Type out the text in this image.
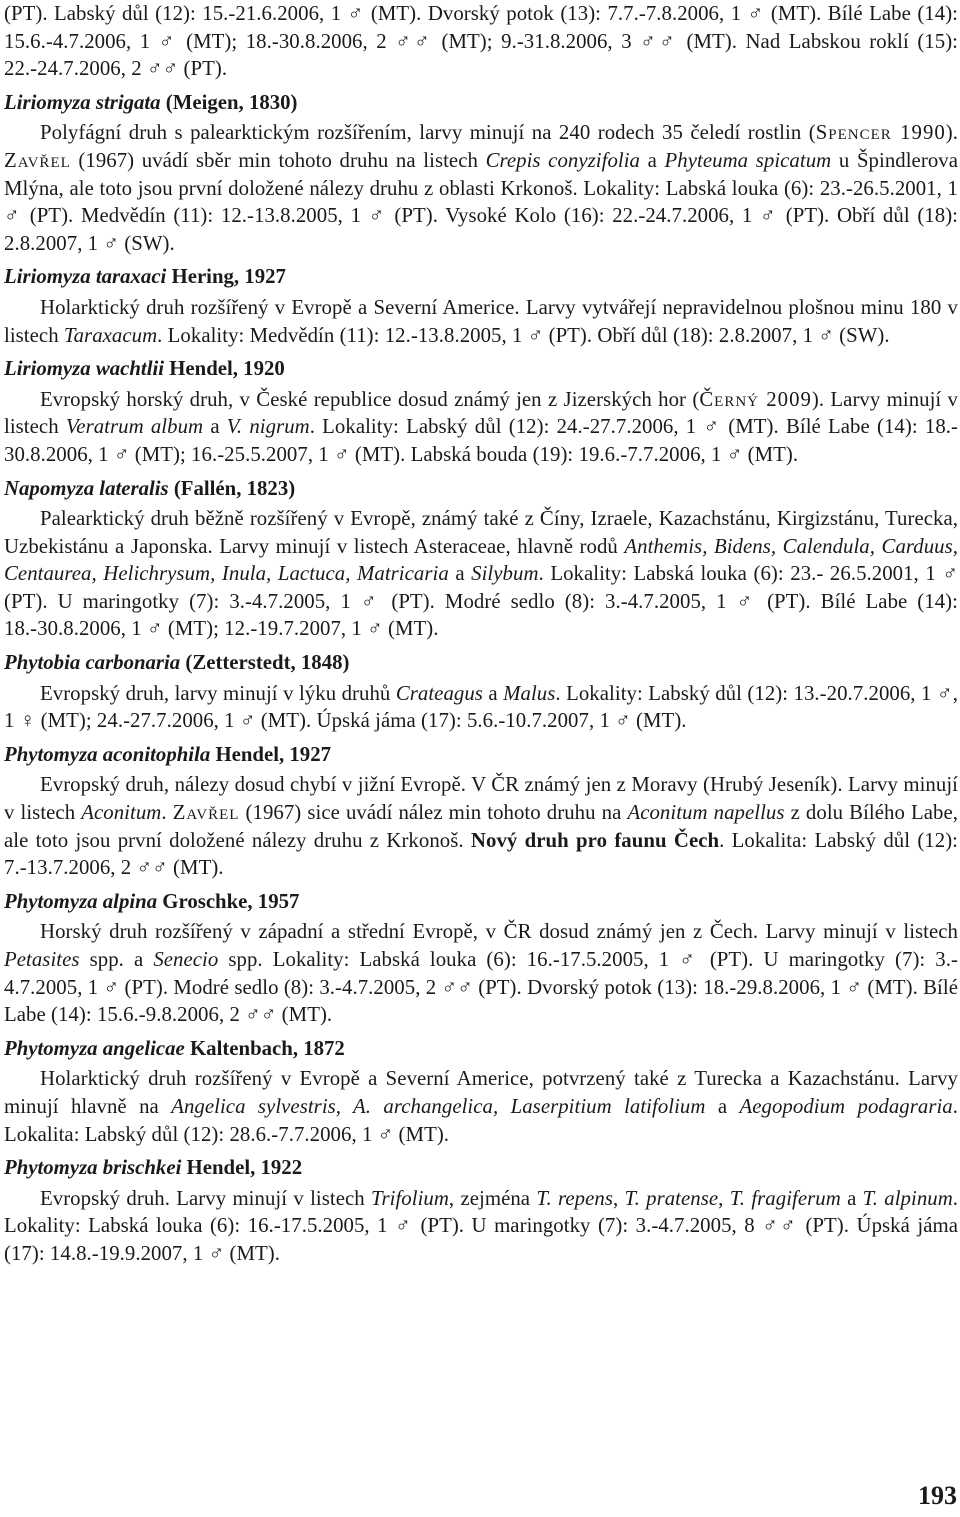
(PT). Labský důl (12): 15.-21.6.2006, 1 ♂ (MT). Dvorský potok (13): 7.7.-7.8.2006, 1 ♂ (MT). Bílé Labe (14): 15.6.-4.7.2006, 1 ♂ (MT); 18.-30.8.2006, 2 ♂♂ (MT); 9.-31.8.2006, 3 ♂♂ (MT). Nad Labskou roklí (15): 22.-24.7.2006, 2 ♂♂ (PT).

Liriomyza strigata (Meigen, 1830)

Polyfágní druh s palearktickým rozšířením, larvy minují na 240 rodech 35 čeledí rostlin (Spencer 1990). Zavřel (1967) uvádí sběr min tohoto druhu na listech Crepis conyzifolia a Phyteuma spicatum u Špindlerova Mlýna, ale toto jsou první doložené nálezy druhu z oblasti Krkonoš. Lokality: Labská louka (6): 23.-26.5.2001, 1 ♂ (PT). Medvědín (11): 12.-13.8.2005, 1 ♂ (PT). Vysoké Kolo (16): 22.-24.7.2006, 1 ♂ (PT). Obří důl (18): 2.8.2007, 1 ♂ (SW).

Liriomyza taraxaci Hering, 1927

Holarktický druh rozšířený v Evropě a Severní Americe. Larvy vytvářejí nepravidelnou plošnou minu 180 v listech Taraxacum. Lokality: Medvědín (11): 12.-13.8.2005, 1 ♂ (PT). Obří důl (18): 2.8.2007, 1 ♂ (SW).

Liriomyza wachtlii Hendel, 1920

Evropský horský druh, v České republice dosud známý jen z Jizerských hor (Černý 2009). Larvy minují v listech Veratrum album a V. nigrum. Lokality: Labský důl (12): 24.-27.7.2006, 1 ♂ (MT). Bílé Labe (14): 18.- 30.8.2006, 1 ♂ (MT); 16.-25.5.2007, 1 ♂ (MT). Labská bouda (19): 19.6.-7.7.2006, 1 ♂ (MT).

Napomyza lateralis (Fallén, 1823)

Palearktický druh běžně rozšířený v Evropě, známý také z Číny, Izraele, Kazachstánu, Kirgizstánu, Turecka, Uzbekistánu a Japonska. Larvy minují v listech Asteraceae, hlavně rodů Anthemis, Bidens, Calendula, Carduus, Centaurea, Helichrysum, Inula, Lactuca, Matricaria a Silybum. Lokality: Labská louka (6): 23.- 26.5.2001, 1 ♂ (PT). U maringotky (7): 3.-4.7.2005, 1 ♂ (PT). Modré sedlo (8): 3.-4.7.2005, 1 ♂ (PT). Bílé Labe (14): 18.-30.8.2006, 1 ♂ (MT); 12.-19.7.2007, 1 ♂ (MT).

Phytobia carbonaria (Zetterstedt, 1848)

Evropský druh, larvy minují v lýku druhů Crateagus a Malus. Lokality: Labský důl (12): 13.-20.7.2006, 1 ♂, 1 ♀ (MT); 24.-27.7.2006, 1 ♂ (MT). Úpská jáma (17): 5.6.-10.7.2007, 1 ♂ (MT).

Phytomyza aconitophila Hendel, 1927

Evropský druh, nálezy dosud chybí v jižní Evropě. V ČR známý jen z Moravy (Hrubý Jeseník). Larvy minují v listech Aconitum. Zavřel (1967) sice uvádí nález min tohoto druhu na Aconitum napellus z dolu Bílého Labe, ale toto jsou první doložené nálezy druhu z Krkonoš. Nový druh pro faunu Čech. Lokalita: Labský důl (12): 7.-13.7.2006, 2 ♂♂ (MT).

Phytomyza alpina Groschke, 1957

Horský druh rozšířený v západní a střední Evropě, v ČR dosud známý jen z Čech. Larvy minují v listech Petasites spp. a Senecio spp. Lokality: Labská louka (6): 16.-17.5.2005, 1 ♂ (PT). U maringotky (7): 3.- 4.7.2005, 1 ♂ (PT). Modré sedlo (8): 3.-4.7.2005, 2 ♂♂ (PT). Dvorský potok (13): 18.-29.8.2006, 1 ♂ (MT). Bílé Labe (14): 15.6.-9.8.2006, 2 ♂♂ (MT).

Phytomyza angelicae Kaltenbach, 1872

Holarktický druh rozšířený v Evropě a Severní Americe, potvrzený také z Turecka a Kazachstánu. Larvy minují hlavně na Angelica sylvestris, A. archangelica, Laserpitium latifolium a Aegopodium podagraria. Lokalita: Labský důl (12): 28.6.-7.7.2006, 1 ♂ (MT).

Phytomyza brischkei Hendel, 1922

Evropský druh. Larvy minují v listech Trifolium, zejména T. repens, T. pratense, T. fragiferum a T. alpinum. Lokality: Labská louka (6): 16.-17.5.2005, 1 ♂ (PT). U maringotky (7): 3.-4.7.2005, 8 ♂♂ (PT). Úpská jáma (17): 14.8.-19.9.2007, 1 ♂ (MT).

193
